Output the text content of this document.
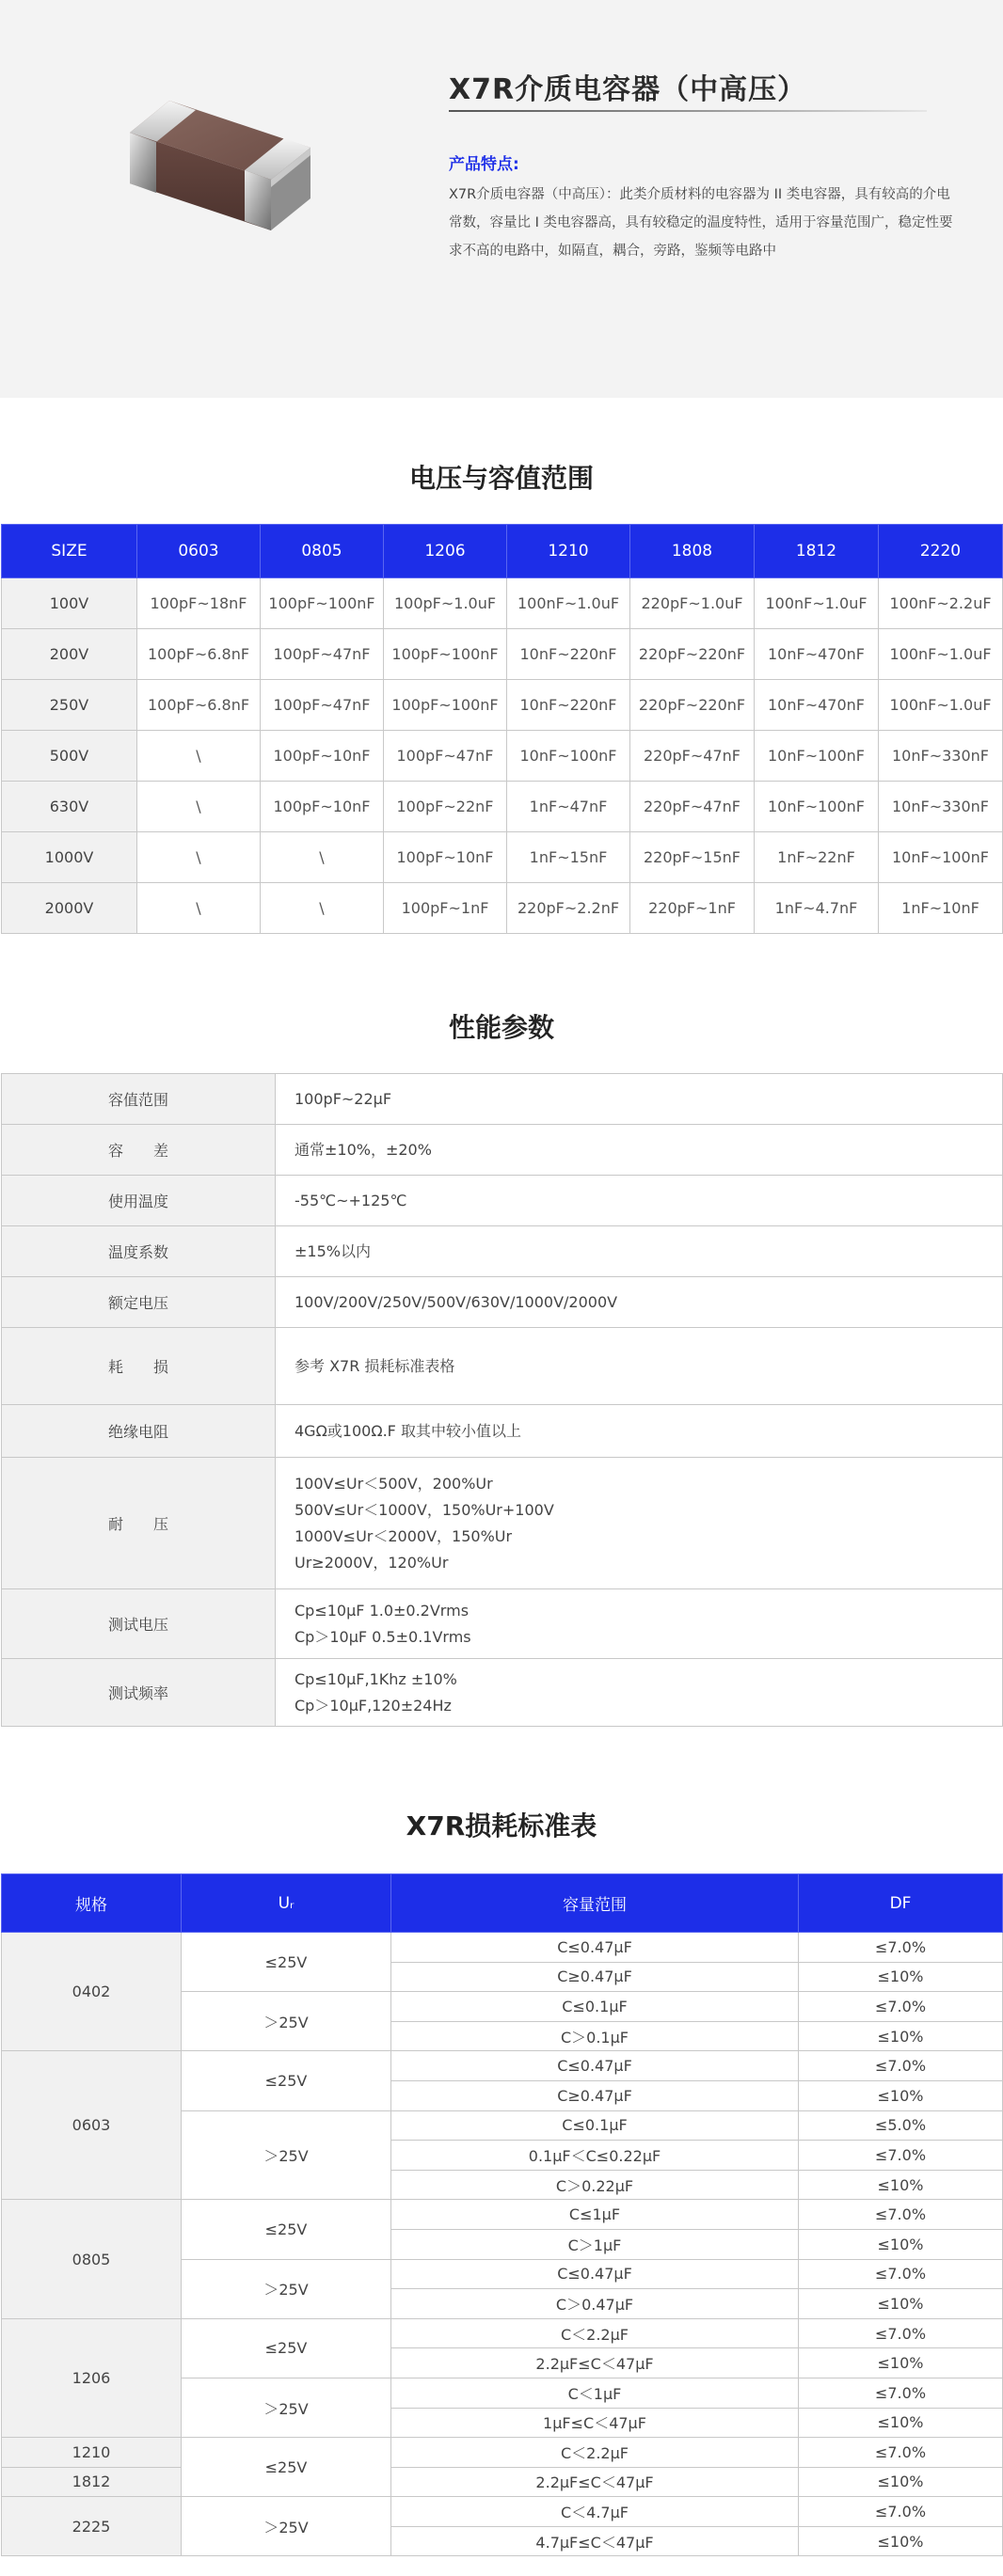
X7R介质电容器（中高压）
产品特点:
X7R介质电容器（中高压）：此类介质材料的电容器为 II 类电容器，具有较高的介电常数，容量比 I 类电容器高，具有较稳定的温度特性，适用于容量范围广，稳定性要求不高的电路中，如隔直，耦合，旁路，鉴频等电路中
电压与容值范围
SIZE	0603	0805	1206	1210	1808	1812	2220
100V	100pF~18nF	100pF~100nF	100pF~1.0uF	100nF~1.0uF	220pF~1.0uF	100nF~1.0uF	100nF~2.2uF
200V	100pF~6.8nF	100pF~47nF	100pF~100nF	10nF~220nF	220pF~220nF	10nF~470nF	100nF~1.0uF
250V	100pF~6.8nF	100pF~47nF	100pF~100nF	10nF~220nF	220pF~220nF	10nF~470nF	100nF~1.0uF
500V	\	100pF~10nF	100pF~47nF	10nF~100nF	220pF~47nF	10nF~100nF	10nF~330nF
630V	\	100pF~10nF	100pF~22nF	1nF~47nF	220pF~47nF	10nF~100nF	10nF~330nF
1000V	\	\	100pF~10nF	1nF~15nF	220pF~15nF	1nF~22nF	10nF~100nF
2000V	\	\	100pF~1nF	220pF~2.2nF	220pF~1nF	1nF~4.7nF	1nF~10nF
性能参数
容值范围	100pF~22μF

容　　差	通常±10%，±20%

使用温度	-55℃~+125℃

温度系数	±15%以内

额定电压	100V/200V/250V/500V/630V/1000V/2000V

耗　　损	参考 X7R 损耗标准表格

绝缘电阻	4GΩ或100Ω.F 取其中较小值以上

耐　　压	100V≤Ur＜500V，200%Ur
500V≤Ur＜1000V，150%Ur+100V
1000V≤Ur＜2000V，150%Ur
Ur≥2000V，120%Ur

测试电压	Cp≤10μF 1.0±0.2Vrms
Cp＞10μF 0.5±0.1Vrms

测试频率	Cp≤10μF,1Khz ±10%
Cp＞10μF,120±24Hz
X7R损耗标准表
规格	Uᵣ	容量范围	DF
0402	≤25V	C≤0.47μF	≤7.0%
		C≥0.47μF	≤10%
	＞25V	C≤0.1μF	≤7.0%
		C＞0.1μF	≤10%
0603	≤25V	C≤0.47μF	≤7.0%
		C≥0.47μF	≤10%
	＞25V	C≤0.1μF	≤5.0%
		0.1μF＜C≤0.22μF	≤7.0%
		C＞0.22μF	≤10%
0805	≤25V	C≤1μF	≤7.0%
		C＞1μF	≤10%
	＞25V	C≤0.47μF	≤7.0%
		C＞0.47μF	≤10%
1206	≤25V	C＜2.2μF	≤7.0%
		2.2μF≤C＜47μF	≤10%
	＞25V	C＜1μF	≤7.0%
		1μF≤C＜47μF	≤10%
1210	≤25V	C＜2.2μF	≤7.0%
1812		2.2μF≤C＜47μF	≤10%
2225	＞25V	C＜4.7μF	≤7.0%
		4.7μF≤C＜47μF	≤10%
